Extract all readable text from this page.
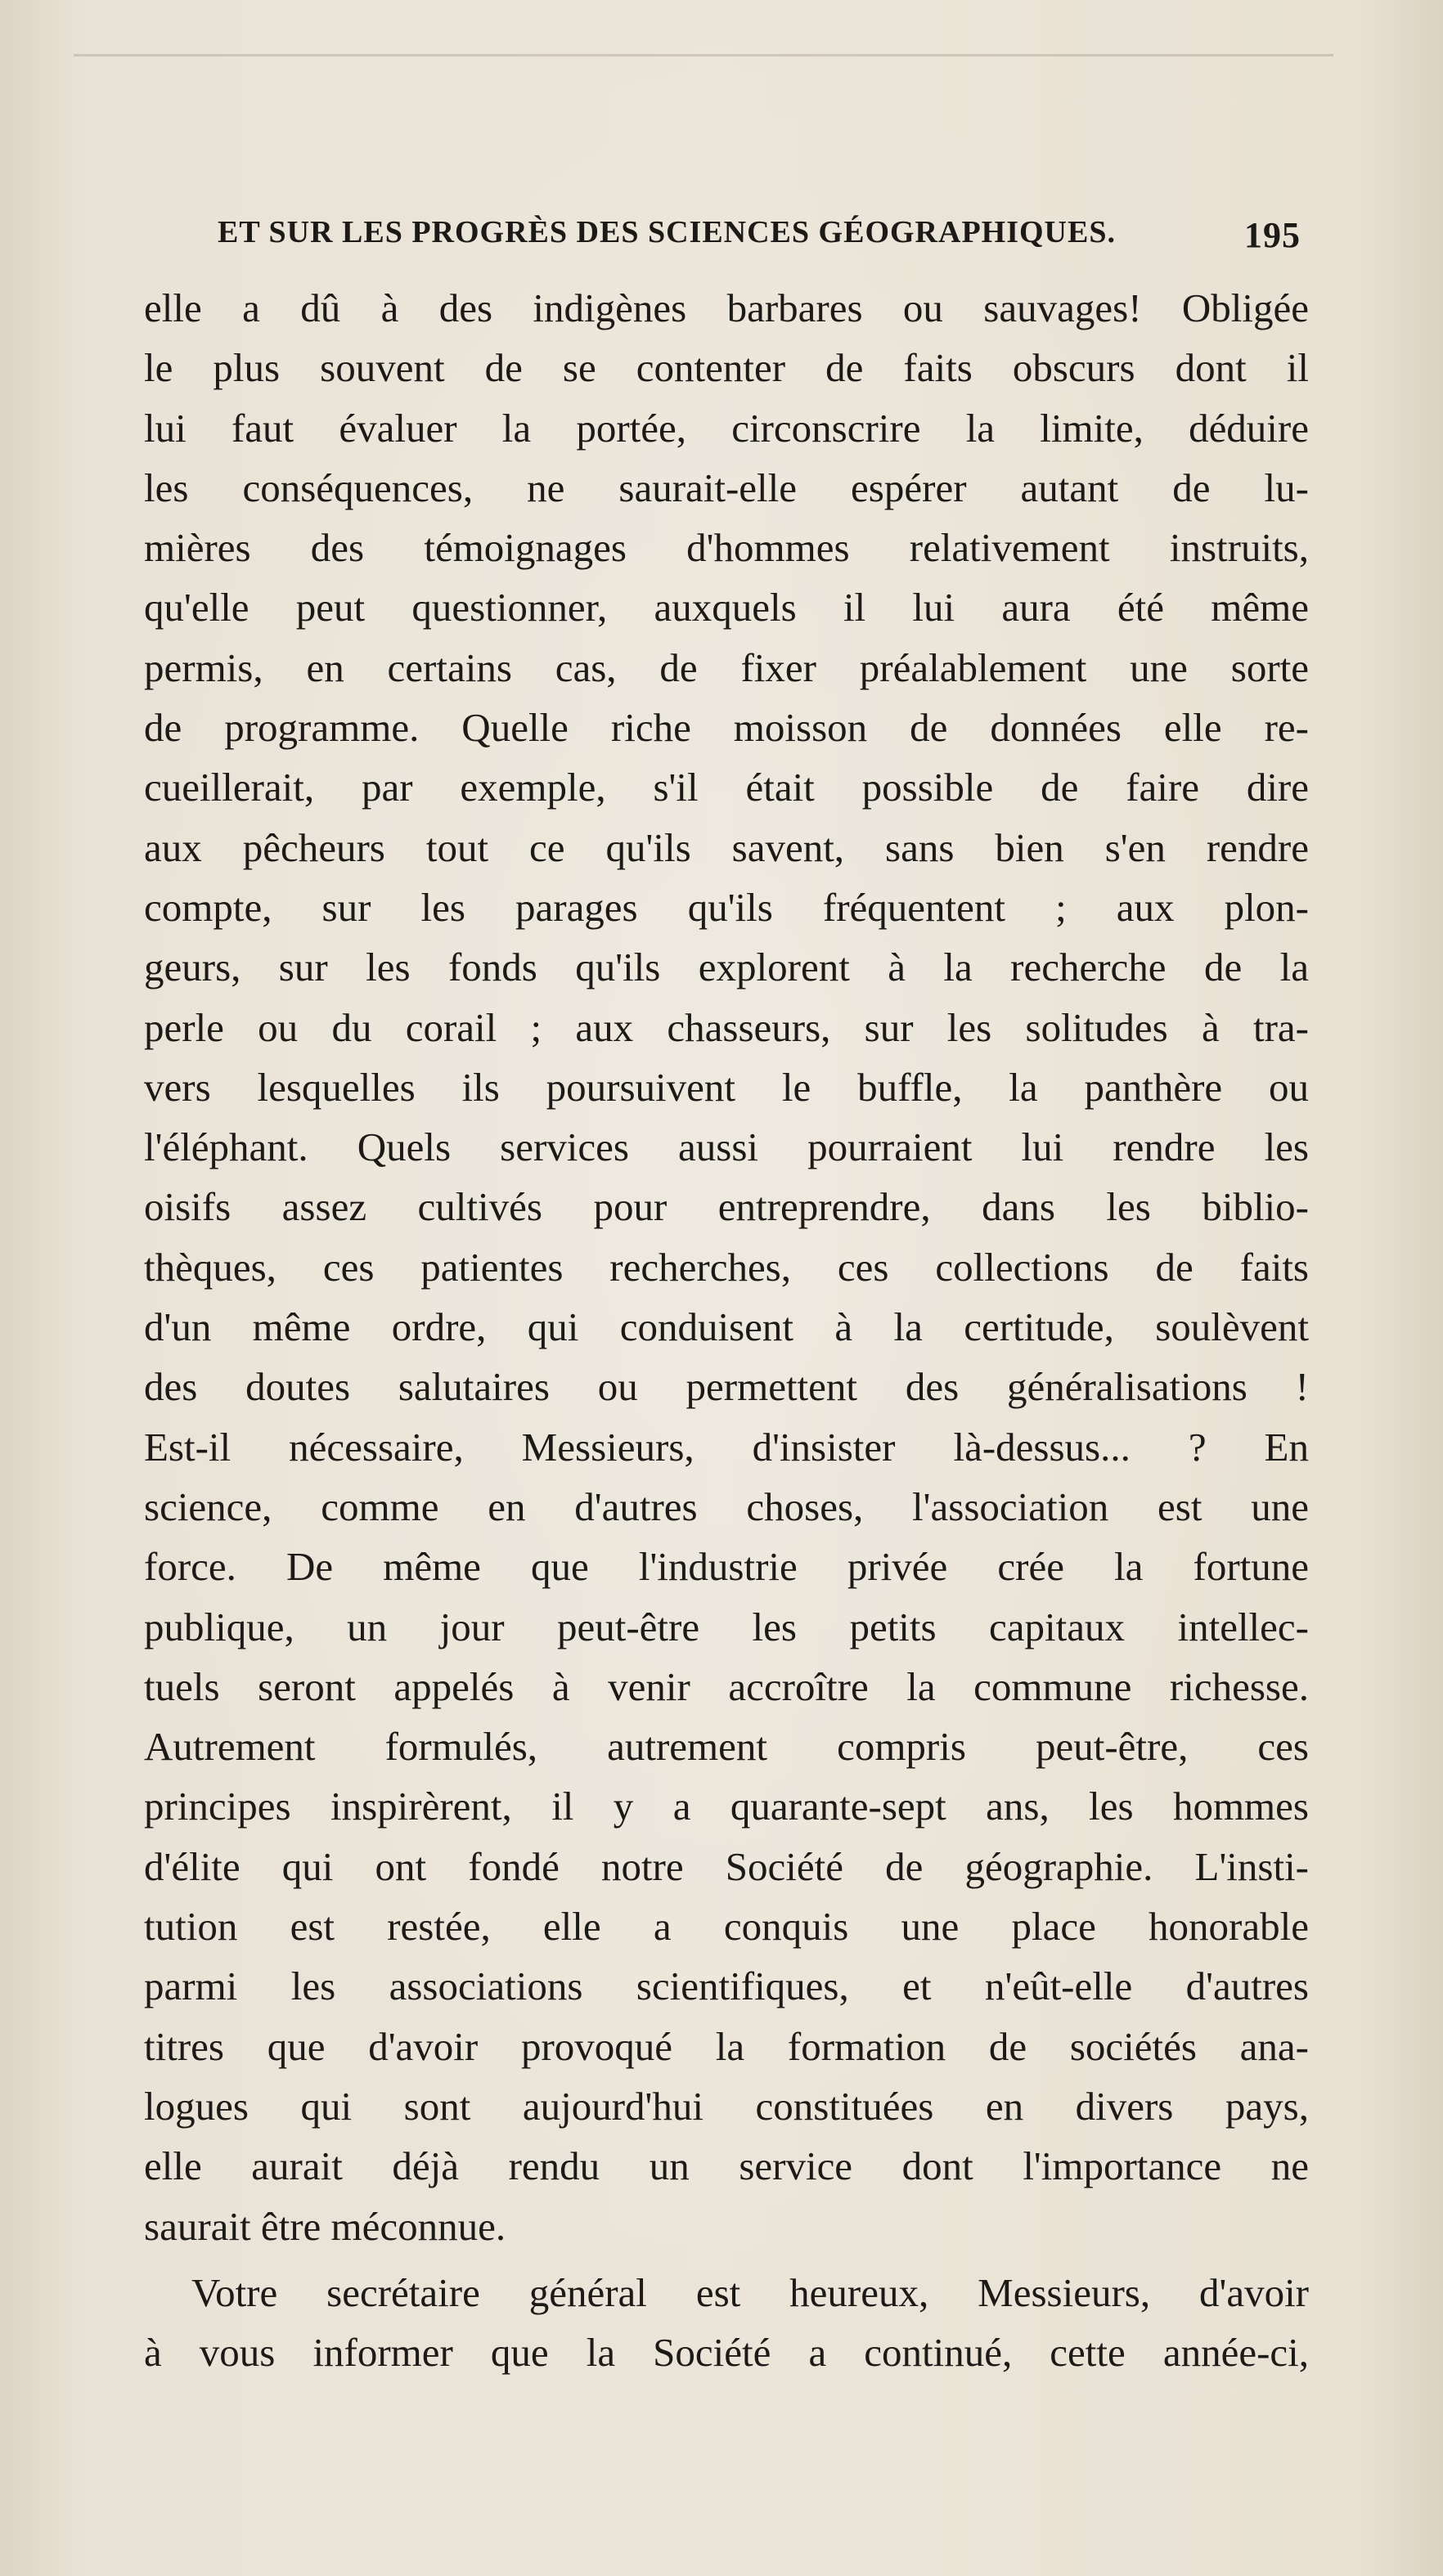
ET SUR LES PROGRÈS DES SCIENCES GÉOGRAPHIQUES.	195
elle a dû à des indigènes barbares ou sauvages! Obligée
le plus souvent de se contenter de faits obscurs dont il
lui faut évaluer la portée, circonscrire la limite, déduire
les conséquences, ne saurait-elle espérer autant de lu-
mières des témoignages d'hommes relativement instruits,
qu'elle peut questionner, auxquels il lui aura été même
permis, en certains cas, de fixer préalablement une sorte
de programme. Quelle riche moisson de données elle re-
cueillerait, par exemple, s'il était possible de faire dire
aux pêcheurs tout ce qu'ils savent, sans bien s'en rendre
compte, sur les parages qu'ils fréquentent ; aux plon-
geurs, sur les fonds qu'ils explorent à la recherche de la
perle ou du corail ; aux chasseurs, sur les solitudes à tra-
vers lesquelles ils poursuivent le buffle, la panthère ou
l'éléphant. Quels services aussi pourraient lui rendre les
oisifs assez cultivés pour entreprendre, dans les biblio-
thèques, ces patientes recherches, ces collections de faits
d'un même ordre, qui conduisent à la certitude, soulèvent
des doutes salutaires ou permettent des généralisations !
Est-il nécessaire, Messieurs, d'insister là-dessus... ? En
science, comme en d'autres choses, l'association est une
force. De même que l'industrie privée crée la fortune
publique, un jour peut-être les petits capitaux intellec-
tuels seront appelés à venir accroître la commune richesse.
Autrement formulés, autrement compris peut-être, ces
principes inspirèrent, il y a quarante-sept ans, les hommes
d'élite qui ont fondé notre Société de géographie. L'insti-
tution est restée, elle a conquis une place honorable
parmi les associations scientifiques, et n'eût-elle d'autres
titres que d'avoir provoqué la formation de sociétés ana-
logues qui sont aujourd'hui constituées en divers pays,
elle aurait déjà rendu un service dont l'importance ne
saurait être méconnue.
Votre secrétaire général est heureux, Messieurs, d'avoir
à vous informer que la Société a continué, cette année-ci,
